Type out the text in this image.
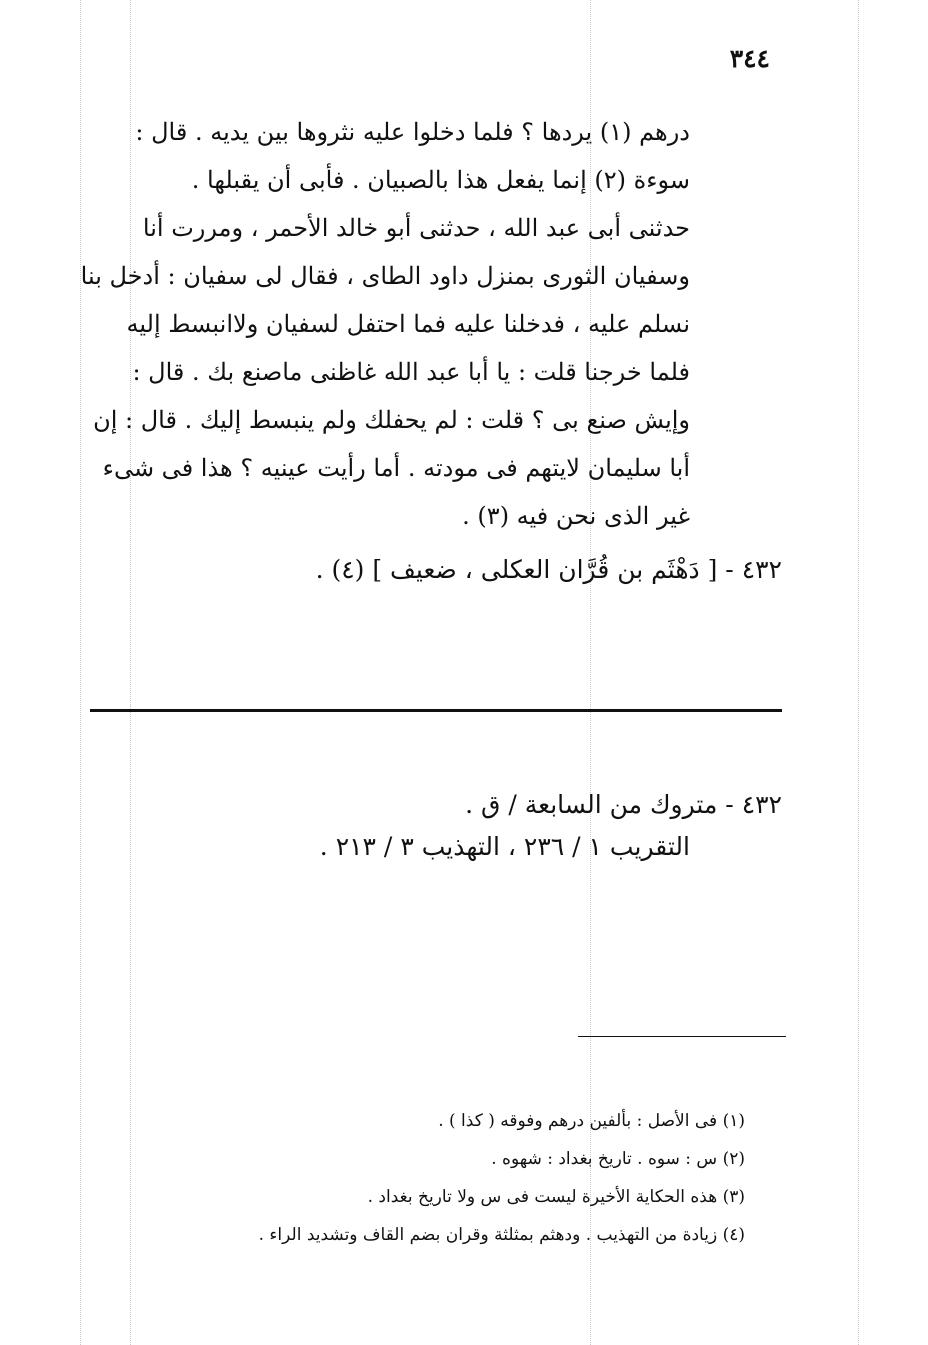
٣٤٤
درهم (١) يردها ؟ فلما دخلوا عليه نثروها بين يديه . قال :
سوءة (٢) إنما يفعل هذا بالصبيان . فأبى أن يقبلها .
حدثنى أبى عبد الله ، حدثنى أبو خالد الأحمر ، ومررت أنا
وسفيان الثورى بمنزل داود الطاى ، فقال لى سفيان : أدخل بنا
نسلم عليه ، فدخلنا عليه فما احتفل لسفيان ولاانبسط إليه
فلما خرجنا قلت : يا أبا عبد الله غاظنى ماصنع بك . قال :
وإيش صنع بى ؟ قلت : لم يحفلك ولم ينبسط إليك . قال : إن
أبا سليمان لايتهم فى مودته . أما رأيت عينيه ؟ هذا فى شىء
غير الذى نحن فيه (٣) .
٤٣٢ - [ دَهْثَم بن قُرَّان العكلى ، ضعيف ] (٤) .
٤٣٢ - متروك من السابعة / ق .
التقريب ١ / ٢٣٦ ، التهذيب ٣ / ٢١٣ .
(١) فى الأصل : بألفين درهم وفوقه ( كذا ) .
(٢) س : سوه . تاريخ بغداد : شهوه .
(٣) هذه الحكاية الأخيرة ليست فى س ولا تاريخ بغداد .
(٤) زيادة من التهذيب . ودهثم بمثلثة وقران بضم القاف وتشديد الراء .
